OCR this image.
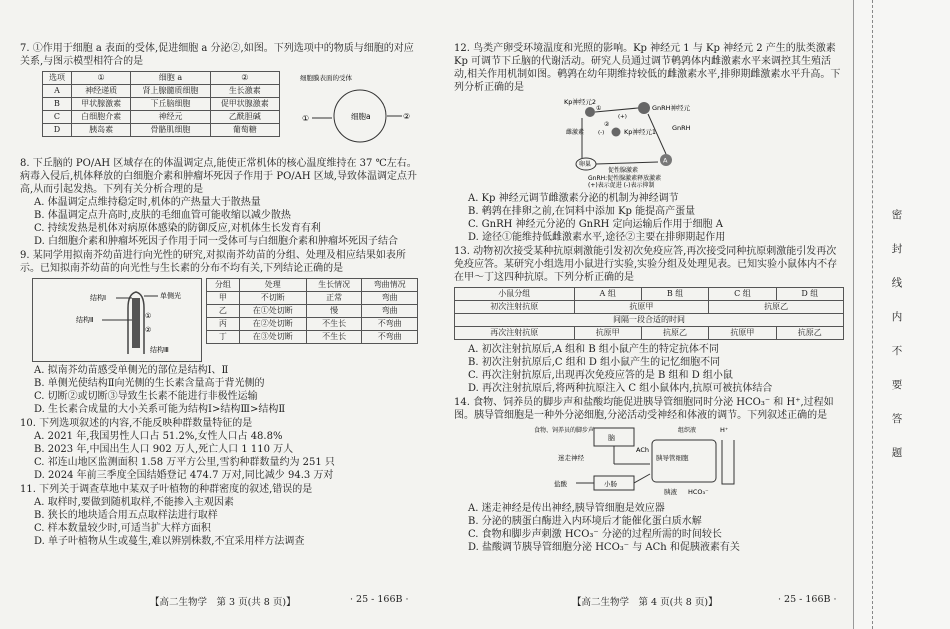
7. ①作用于细胞 a 表面的受体,促进细胞 a 分泌②,如图。下列选项中的物质与细胞的对应关系,与图示模型相符合的是

选项	①	细胞 a	②
A	神经递质	肾上腺髓质细胞	生长激素
B	甲状腺激素	下丘脑细胞	促甲状腺激素
C	白细胞介素	神经元	乙酰胆碱
D	胰岛素	骨骼肌细胞	葡萄糖
细胞膜表面的受体
细胞a
①	②

8. 下丘脑的 PO/AH 区域存在的体温调定点,能使正常机体的核心温度维持在 37 ℃左右。病毒入侵后,机体释放的白细胞介素和肿瘤坏死因子作用于 PO/AH 区域,导致体温调定点升高,从而引起发热。下列有关分析合理的是

A. 体温调定点维持稳定时,机体的产热量大于散热量

B. 体温调定点升高时,皮肤的毛细血管可能收缩以减少散热

C. 持续发热是机体对病原体感染的防御反应,对机体生长发育有利

D. 白细胞介素和肿瘤坏死因子作用于同一受体可与白细胞介素和肿瘤坏死因子结合

9. 某同学用拟南芥幼苗进行向光性的研究,对拟南芥幼苗的分组、处理及相应结果如表所示。已知拟南芥幼苗的向光性与生长素的分布不均有关,下列结论正确的是

单侧光
结构Ⅰ
结构Ⅱ
结构Ⅲ
①
②
分组	处理	生长情况	弯曲情况
甲	不切断	正常	弯曲
乙	在①处切断	慢	弯曲
丙	在②处切断	不生长	不弯曲
丁	在③处切断	不生长	不弯曲

A. 拟南芥幼苗感受单侧光的部位是结构Ⅰ、Ⅱ

B. 单侧光使结构Ⅱ向光侧的生长素含量高于背光侧的

C. 切断②或切断③导致生长素不能进行非极性运输

D. 生长素合成量的大小关系可能为结构Ⅰ>结构Ⅲ>结构Ⅱ

10. 下列选项叙述的内容,不能反映种群数量特征的是

A. 2021 年,我国男性人口占 51.2%,女性人口占 48.8%

B. 2023 年,中国出生人口 902 万人,死亡人口 1 110 万人

C. 祁连山地区监测面积 1.58 万平方公里,雪豹种群数量约为 251 只

D. 2024 年前三季度全国结婚登记 474.7 万对,同比减少 94.3 万对

11. 下列关于调查草地中某双子叶植物的种群密度的叙述,错误的是

A. 取样时,要做到随机取样,不能掺入主观因素

B. 狭长的地块适合用五点取样法进行取样

C. 样本数量较少时,可适当扩大样方面积

D. 单子叶植物从生或蔓生,难以辨别株数,不宜采用样方法调查

【高二生物学　第 3 页(共 8 页)】	· 25 - 166B ·

12. 鸟类产卵受环境温度和光照的影响。Kp 神经元 1 与 Kp 神经元 2 产生的肽类激素 Kp 可调节下丘脑的代谢活动。研究人员通过调节鹌鹑体内雌激素水平来调控其生殖活动,相关作用机制如图。鹌鹑在幼年期维持较低的雌激素水平,排卵期雌激素水平升高。下列分析正确的是

Kp神经元2
①
(+)
GnRH神经元
雌激素	(-)	Kp神经元1
②	GnRH
卵巢
促性腺激素
A
GnRH:促性腺激素释放激素
(+)表示促进 (-)表示抑制

A. Kp 神经元调节雌激素分泌的机制为神经调节

B. 鹌鹑在排卵之前,在饲料中添加 Kp 能提高产蛋量

C. GnRH 神经元分泌的 GnRH 定向运输后作用于细胞 A

D. 途径①能维持低雌激素水平,途径②主要在排卵期起作用

13. 动物初次接受某种抗原刺激能引发初次免疫应答,再次接受同种抗原刺激能引发再次免疫应答。某研究小组选用小鼠进行实验,实验分组及处理见表。已知实验小鼠体内不存在甲～丁这四种抗原。下列分析正确的是

小鼠分组	A 组	B 组	C 组	D 组
初次注射抗原	抗原甲		抗原乙	
间隔一段合适的时间				
再次注射抗原	抗原甲	抗原乙	抗原甲	抗原乙

A. 初次注射抗原后,A 组和 B 组小鼠产生的特定抗体不同

B. 初次注射抗原后,C 组和 D 组小鼠产生的记忆细胞不同

C. 再次注射抗原后,出现再次免疫应答的是 B 组和 D 组小鼠

D. 再次注射抗原后,将两种抗原注入 C 组小鼠体内,抗原可被抗体结合

14. 食物、饲养员的脚步声和盐酸均能促进胰导管细胞同时分泌 HCO₃⁻ 和 H⁺,过程如图。胰导管细胞是一种外分泌细胞,分泌活动受神经和体液的调节。下列叙述正确的是

食物、饲养员的脚步声
脑
迷走神经
ACh
小肠
盐酸
组织液	H⁺
胰导管细胞
胰液 HCO₃⁻

A. 迷走神经是传出神经,胰导管细胞是效应器

B. 分泌的胰蛋白酶进入内环境后才能催化蛋白质水解

C. 食物和脚步声刺激 HCO₃⁻ 分泌的过程所需的时间较长

D. 盐酸调节胰导管细胞分泌 HCO₃⁻ 与 ACh 和促胰液素有关

【高二生物学　第 4 页(共 8 页)】	· 25 - 166B ·
密
封
线
内
不
要
答
题
